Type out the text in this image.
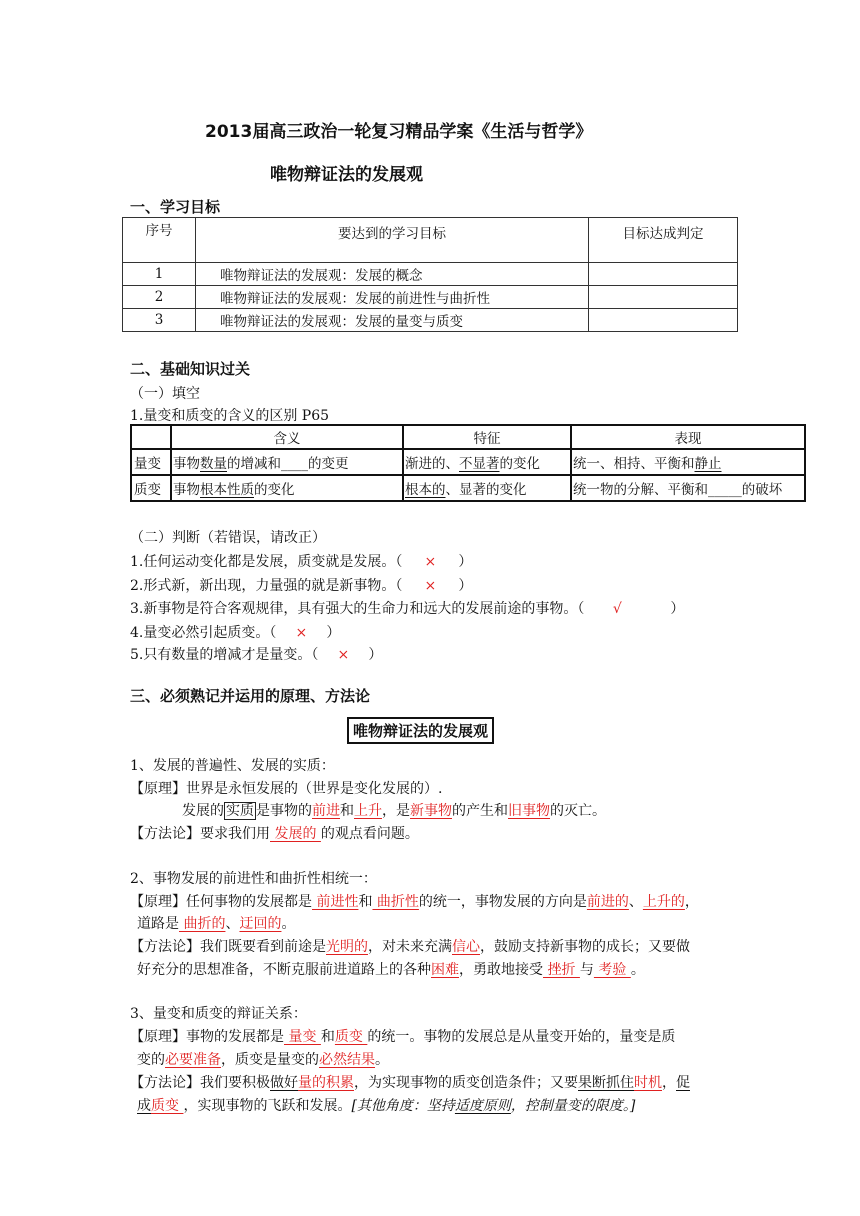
2013届高三政治一轮复习精品学案《生活与哲学》
唯物辩证法的发展观
一、学习目标
序号	要达到的学习目标	目标达成判定
1	唯物辩证法的发展观：发展的概念	
2	唯物辩证法的发展观：发展的前进性与曲折性	
3	唯物辩证法的发展观：发展的量变与质变	
二、基础知识过关
（一）填空
1.量变和质变的含义的区别 P65
	含义	特征	表现
量变	事物数量的增减和____的变更	渐进的、不显著的变化	统一、相持、平衡和静止
质变	事物根本性质的变化	根本的、显著的变化	统一物的分解、平衡和_____的破坏
（二）判断（若错误，请改正）
1.任何运动变化都是发展，质变就是发展。（ × ）
2.形式新，新出现，力量强的就是新事物。（ × ）
3.新事物是符合客观规律，具有强大的生命力和远大的发展前途的事物。（ √	）
4.量变必然引起质变。（ × ）
5.只有数量的增减才是量变。（ × ）
三、必须熟记并运用的原理、方法论
唯物辩证法的发展观
1、发展的普遍性、发展的实质：
【原理】世界是永恒发展的（世界是变化发展的）.
发展的 实质 是事物的前进和上升，是新事物的产生和旧事物的灭亡。
【方法论】要求我们用 发展的 的观点看问题。
2、事物发展的前进性和曲折性相统一：
【原理】任何事物的发展都是 前进性和 曲折性的统一，事物发展的方向是前进的、上升的，
道路是 曲折的、迂回的。
【方法论】我们既要看到前途是光明的，对未来充满信心，鼓励支持新事物的成长；又要做
好充分的思想准备，不断克服前进道路上的各种困难，勇敢地接受 挫折 与 考验 。
3、量变和质变的辩证关系：
【原理】事物的发展都是 量变 和质变 的统一。事物的发展总是从量变开始的，量变是质
变的必要准备，质变是量变的必然结果。
【方法论】我们要积极做好量的积累，为实现事物的质变创造条件；又要果断抓住时机，促
成质变 ，实现事物的飞跃和发展。[其他角度：坚持适度原则，控制量变的限度。]
